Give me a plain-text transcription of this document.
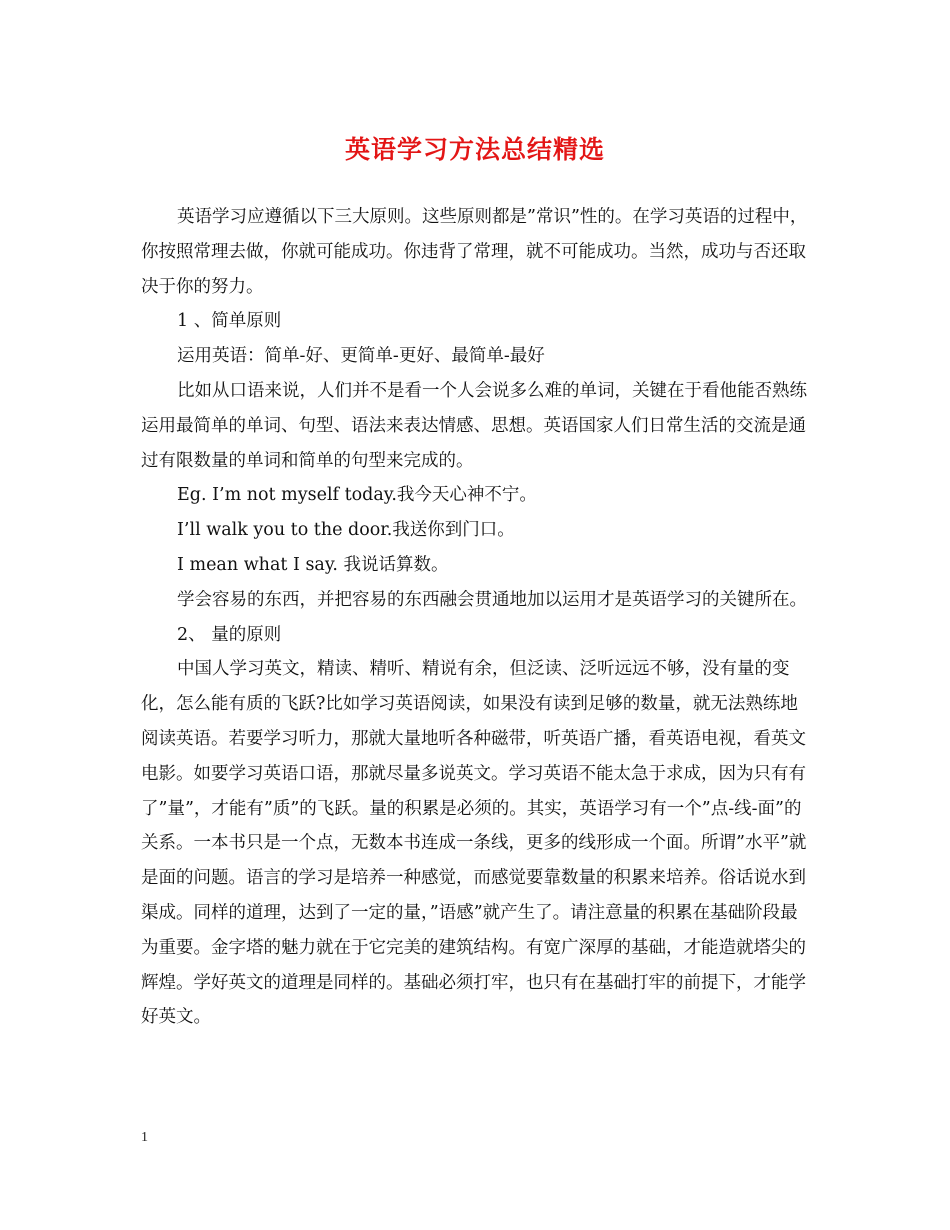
英语学习方法总结精选

英语学习应遵循以下三大原则。这些原则都是”常识”性的。在学习英语的过程中，你按照常理去做，你就可能成功。你违背了常理，就不可能成功。当然，成功与否还取决于你的努力。

1 、简单原则

运用英语：简单-好、更简单-更好、最简单-最好

比如从口语来说，人们并不是看一个人会说多么难的单词，关键在于看他能否熟练运用最简单的单词、句型、语法来表达情感、思想。英语国家人们日常生活的交流是通过有限数量的单词和简单的句型来完成的。

Eg. I’m not myself today.我今天心神不宁。

I’ll walk you to the door.我送你到门口。

I mean what I say. 我说话算数。

学会容易的东西，并把容易的东西融会贯通地加以运用才是英语学习的关键所在。

2、 量的原则

中国人学习英文，精读、精听、精说有余，但泛读、泛听远远不够，没有量的变化，怎么能有质的飞跃?比如学习英语阅读，如果没有读到足够的数量，就无法熟练地阅读英语。若要学习听力，那就大量地听各种磁带，听英语广播，看英语电视，看英文电影。如要学习英语口语，那就尽量多说英文。学习英语不能太急于求成，因为只有有了”量”，才能有”质”的飞跃。量的积累是必须的。其实，英语学习有一个”点-线-面”的关系。一本书只是一个点，无数本书连成一条线，更多的线形成一个面。所谓”水平”就是面的问题。语言的学习是培养一种感觉，而感觉要靠数量的积累来培养。俗话说水到渠成。同样的道理，达到了一定的量，”语感”就产生了。请注意量的积累在基础阶段最为重要。金字塔的魅力就在于它完美的建筑结构。有宽广深厚的基础，才能造就塔尖的辉煌。学好英文的道理是同样的。基础必须打牢，也只有在基础打牢的前提下，才能学好英文。

1
